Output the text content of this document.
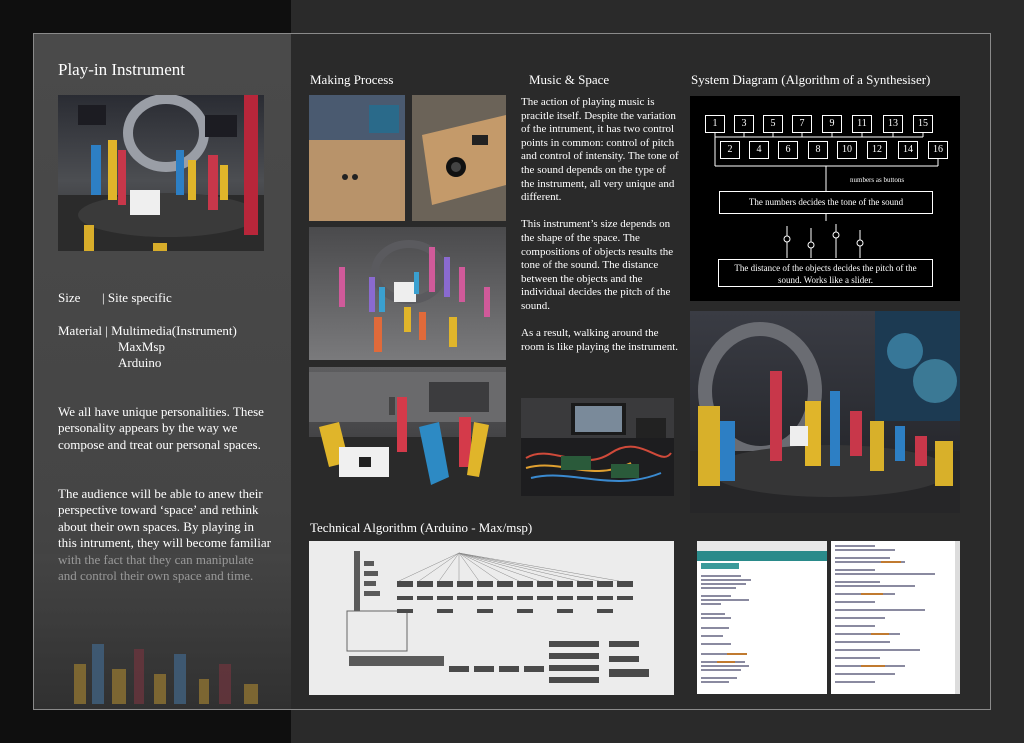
Play-in Instrument
Size | Site specific
Material | Multimedia(Instrument)
MaxMsp
Arduino
We all have unique personalities. These personality appears by the way we compose and treat our personal spaces.
The audience will be able to anew their perspective toward ‘space’ and rethink about their own spaces. By playing in this intrument, they will become familiar
Making Process	Music & Space
The action of playing music is pracitle itself. Despite the variation of the intrument, it has two control points in common: control of pitch and control of intensity. The tone of the sound depends on the type of the instrument, all very unique and different.

This instrument’s size depends on the shape of the space. The compositions of objects results the tone of the sound. The distance between the objects and the individual decides the pitch of the sound.

As a result, walking around the room is like playing the instrument.
System Diagram (Algorithm of a Synthesiser)
1	3	5	7	9	11	13	15
2	4	6	8	10	12	14	16
numbers as buttons
The numbers decides the tone of the sound
The distance of the objects decides the pitch of the sound. Works like a slider.
Technical Algorithm (Arduino - Max/msp)
